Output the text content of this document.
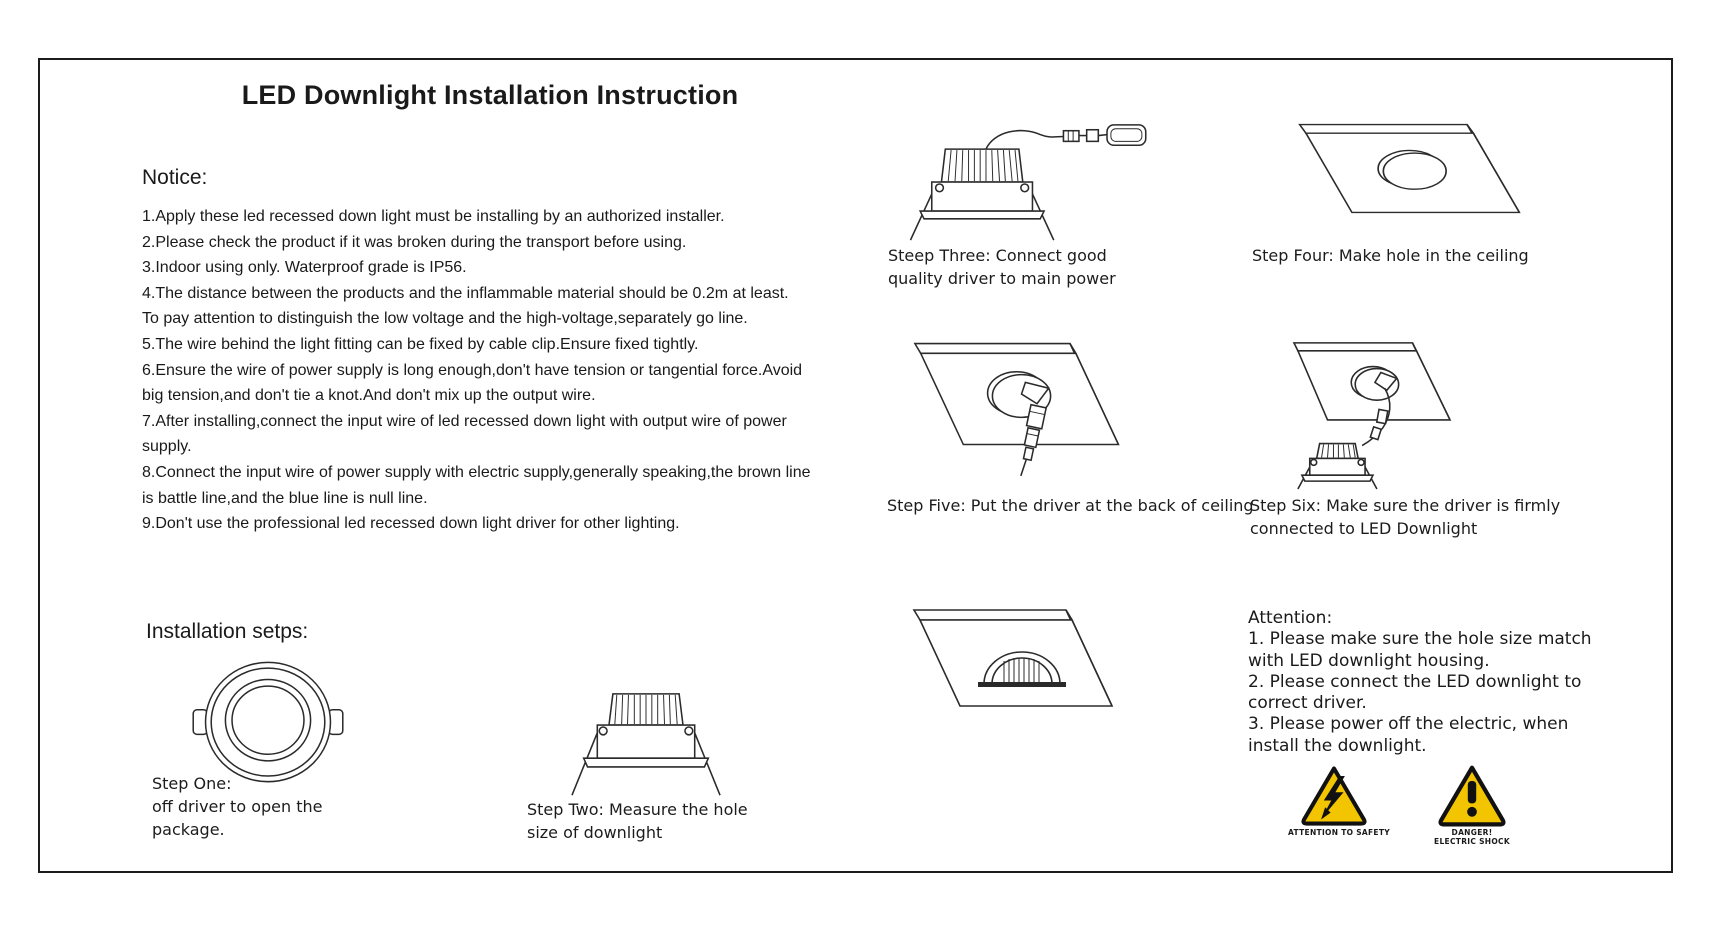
LED Downlight Installation Instruction
Notice:
1.Apply these led recessed down light must be installing by an authorized installer.
2.Please check the product if it was broken during the transport before using.
3.Indoor using only. Waterproof grade is IP56.
4.The distance between the products and the inflammable material should be 0.2m at least.
To pay attention to distinguish the low voltage and the high-voltage,separately go line.
5.The wire behind the light fitting can be fixed by cable clip.Ensure fixed tightly.
6.Ensure the wire of power supply is long enough,don't have tension or tangential force.Avoid
big tension,and don't tie a knot.And don't mix up the output wire.
7.After installing,connect the input wire of led recessed down light with output wire of power
supply.
8.Connect the input wire of power supply with electric supply,generally speaking,the brown line
is battle line,and the blue line is null line.
9.Don't use the professional led recessed down light driver for other lighting.
Installation setps:
Step One:
off driver to open the
package.
Step Two: Measure the hole
size of downlight
Steep Three: Connect good
quality driver to main power
Step Four: Make hole in the ceiling
Step Five: Put the driver at the back of ceiling
Step Six: Make sure the driver is firmly
connected to LED Downlight
Attention:
1. Please make sure the hole size match
with LED downlight housing.
2. Please connect the LED downlight to
correct driver.
3. Please power off the electric, when
install the downlight.
ATTENTION TO SAFETY	DANGER!
ELECTRIC SHOCK
